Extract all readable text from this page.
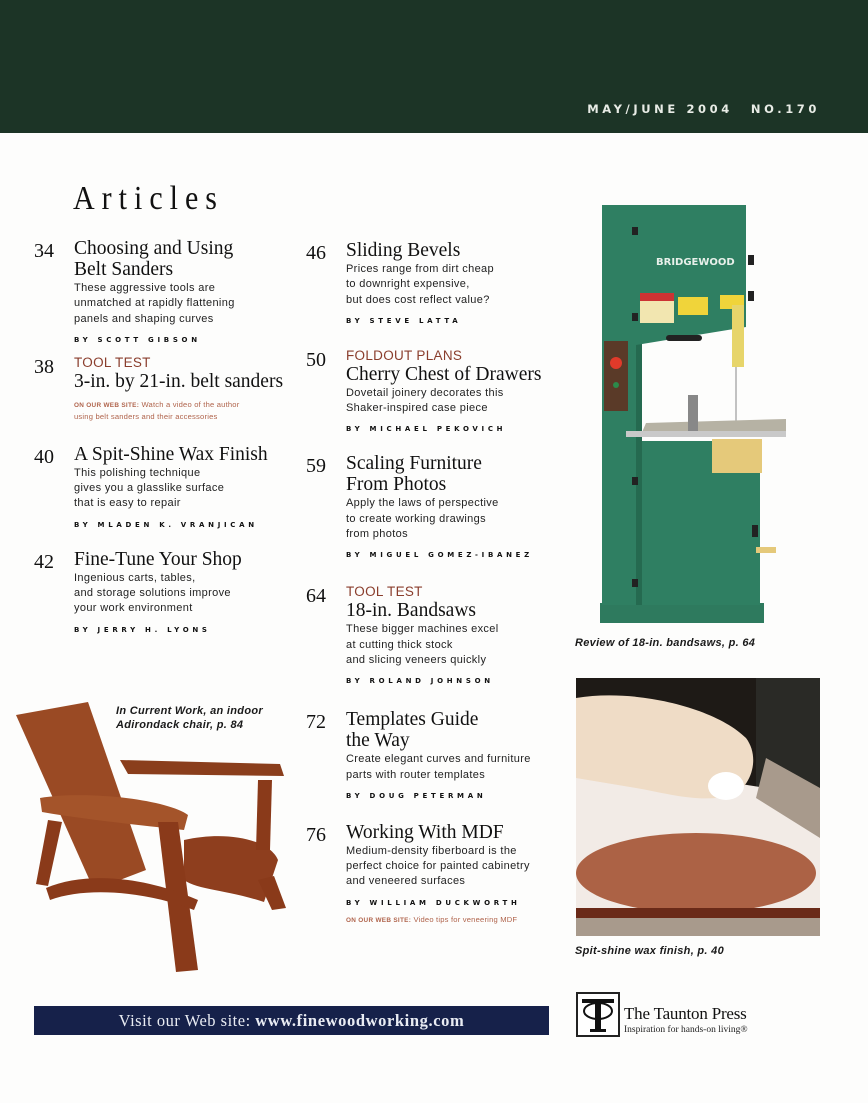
MAY/JUNE 2004 NO.170
Articles
34 Choosing and Using
Belt Sanders
These aggressive tools are
unmatched at rapidly flattening
panels and shaping curves
BY SCOTT GIBSON
38 TOOL TEST
3-in. by 21-in. belt sanders
ON OUR WEB SITE: Watch a video of the author
using belt sanders and their accessories
40 A Spit-Shine Wax Finish
This polishing technique
gives you a glasslike surface
that is easy to repair
BY MLADEN K. VRANJICAN
42 Fine-Tune Your Shop
Ingenious carts, tables,
and storage solutions improve
your work environment
BY JERRY H. LYONS
46 Sliding Bevels
Prices range from dirt cheap
to downright expensive,
but does cost reflect value?
BY STEVE LATTA
50 FOLDOUT PLANS
Cherry Chest of Drawers
Dovetail joinery decorates this
Shaker-inspired case piece
BY MICHAEL PEKOVICH
59 Scaling Furniture
From Photos
Apply the laws of perspective
to create working drawings
from photos
BY MIGUEL GOMEZ-IBANEZ
64 TOOL TEST
18-in. Bandsaws
These bigger machines excel
at cutting thick stock
and slicing veneers quickly
BY ROLAND JOHNSON
72 Templates Guide
the Way
Create elegant curves and furniture
parts with router templates
BY DOUG PETERMAN
76 Working With MDF
Medium-density fiberboard is the
perfect choice for painted cabinetry
and veneered surfaces
BY WILLIAM DUCKWORTH
ON OUR WEB SITE: Video tips for veneering MDF
BRIDGEWOOD
Review of 18-in. bandsaws, p. 64
Spit-shine wax finish, p. 40
In Current Work, an indoor
Adirondack chair, p. 84
Visit our Web site: www.finewoodworking.com	The Taunton Press
Inspiration for hands-on living®
